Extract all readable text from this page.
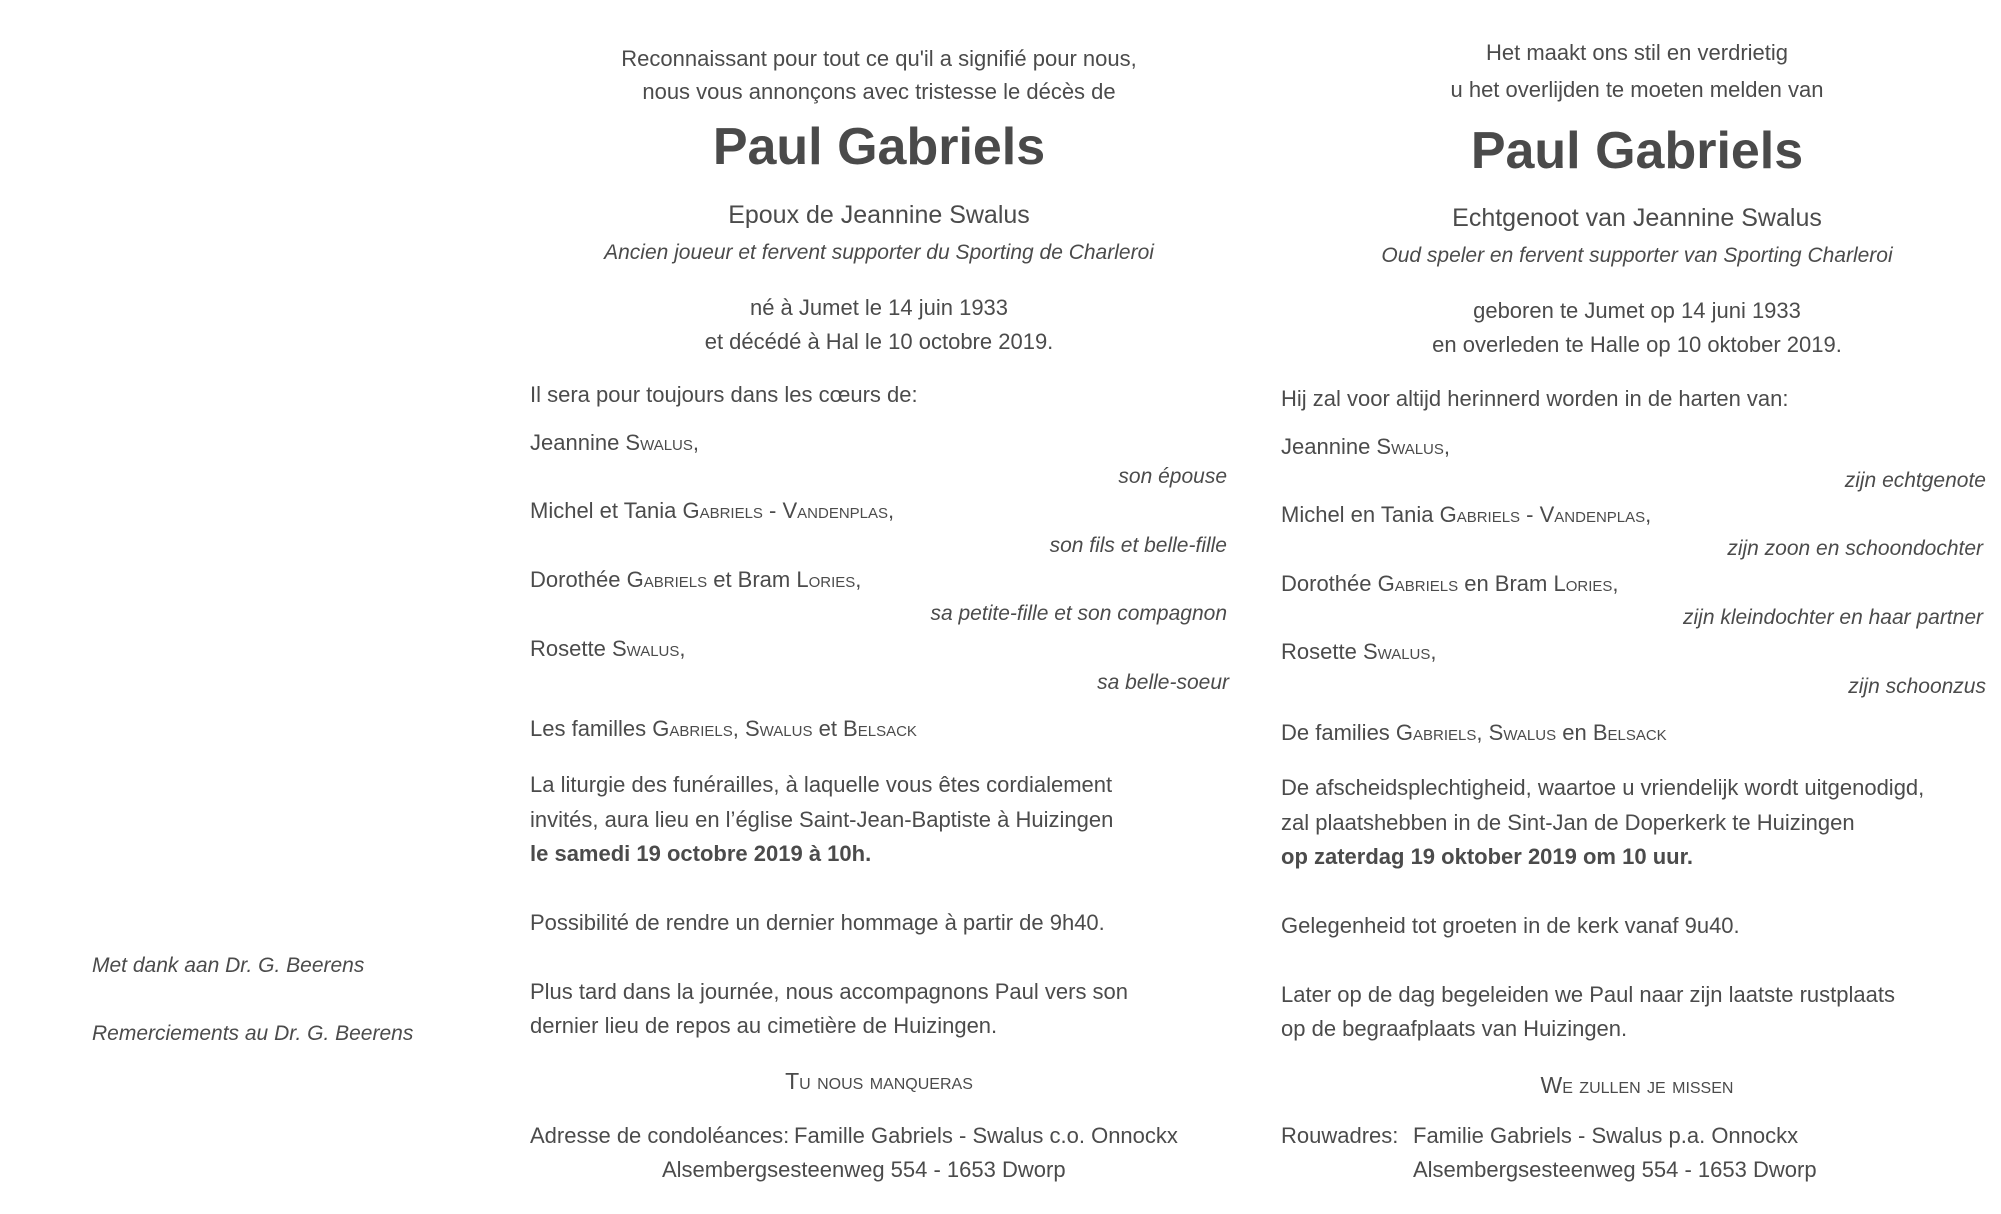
Met dank aan Dr. G. Beerens
Remerciements au Dr. G. Beerens
Reconnaissant pour tout ce qu'il a signifié pour nous,
nous vous annonçons avec tristesse le décès de
Paul Gabriels
Epoux de Jeannine Swalus
Ancien joueur et fervent supporter du Sporting de Charleroi
né à Jumet le 14 juin 1933
et décédé à Hal le 10 octobre 2019.
Il sera pour toujours dans les cœurs de:
Jeannine Swalus,
son épouse
Michel et Tania Gabriels - Vandenplas,
son fils et belle-fille
Dorothée Gabriels et Bram Lories,
sa petite-fille et son compagnon
Rosette Swalus,
sa belle-soeur
Les familles Gabriels, Swalus et Belsack
La liturgie des funérailles, à laquelle vous êtes cordialement
invités, aura lieu en l’église Saint-Jean-Baptiste à Huizingen
le samedi 19 octobre 2019 à 10h.
Possibilité de rendre un dernier hommage à partir de 9h40.
Plus tard dans la journée, nous accompagnons Paul vers son
dernier lieu de repos au cimetière de Huizingen.
Tu nous manqueras
Adresse de condoléances: Famille Gabriels - Swalus c.o. Onnockx
Alsembergsesteenweg 554 - 1653 Dworp
Het maakt ons stil en verdrietig
u het overlijden te moeten melden van
Paul Gabriels
Echtgenoot van Jeannine Swalus
Oud speler en fervent supporter van Sporting Charleroi
geboren te Jumet op 14 juni 1933
en overleden te Halle op 10 oktober 2019.
Hij zal voor altijd herinnerd worden in de harten van:
Jeannine Swalus,
zijn echtgenote
Michel en Tania Gabriels - Vandenplas,
zijn zoon en schoondochter
Dorothée Gabriels en Bram Lories,
zijn kleindochter en haar partner
Rosette Swalus,
zijn schoonzus
De families Gabriels, Swalus en Belsack
De afscheidsplechtigheid, waartoe u vriendelijk wordt uitgenodigd,
zal plaatshebben in de Sint-Jan de Doperkerk te Huizingen
op zaterdag 19 oktober 2019 om 10 uur.
Gelegenheid tot groeten in de kerk vanaf 9u40.
Later op de dag begeleiden we Paul naar zijn laatste rustplaats
op de begraafplaats van Huizingen.
We zullen je missen
Rouwadres: Familie Gabriels - Swalus p.a. Onnockx
Alsembergsesteenweg 554 - 1653 Dworp
